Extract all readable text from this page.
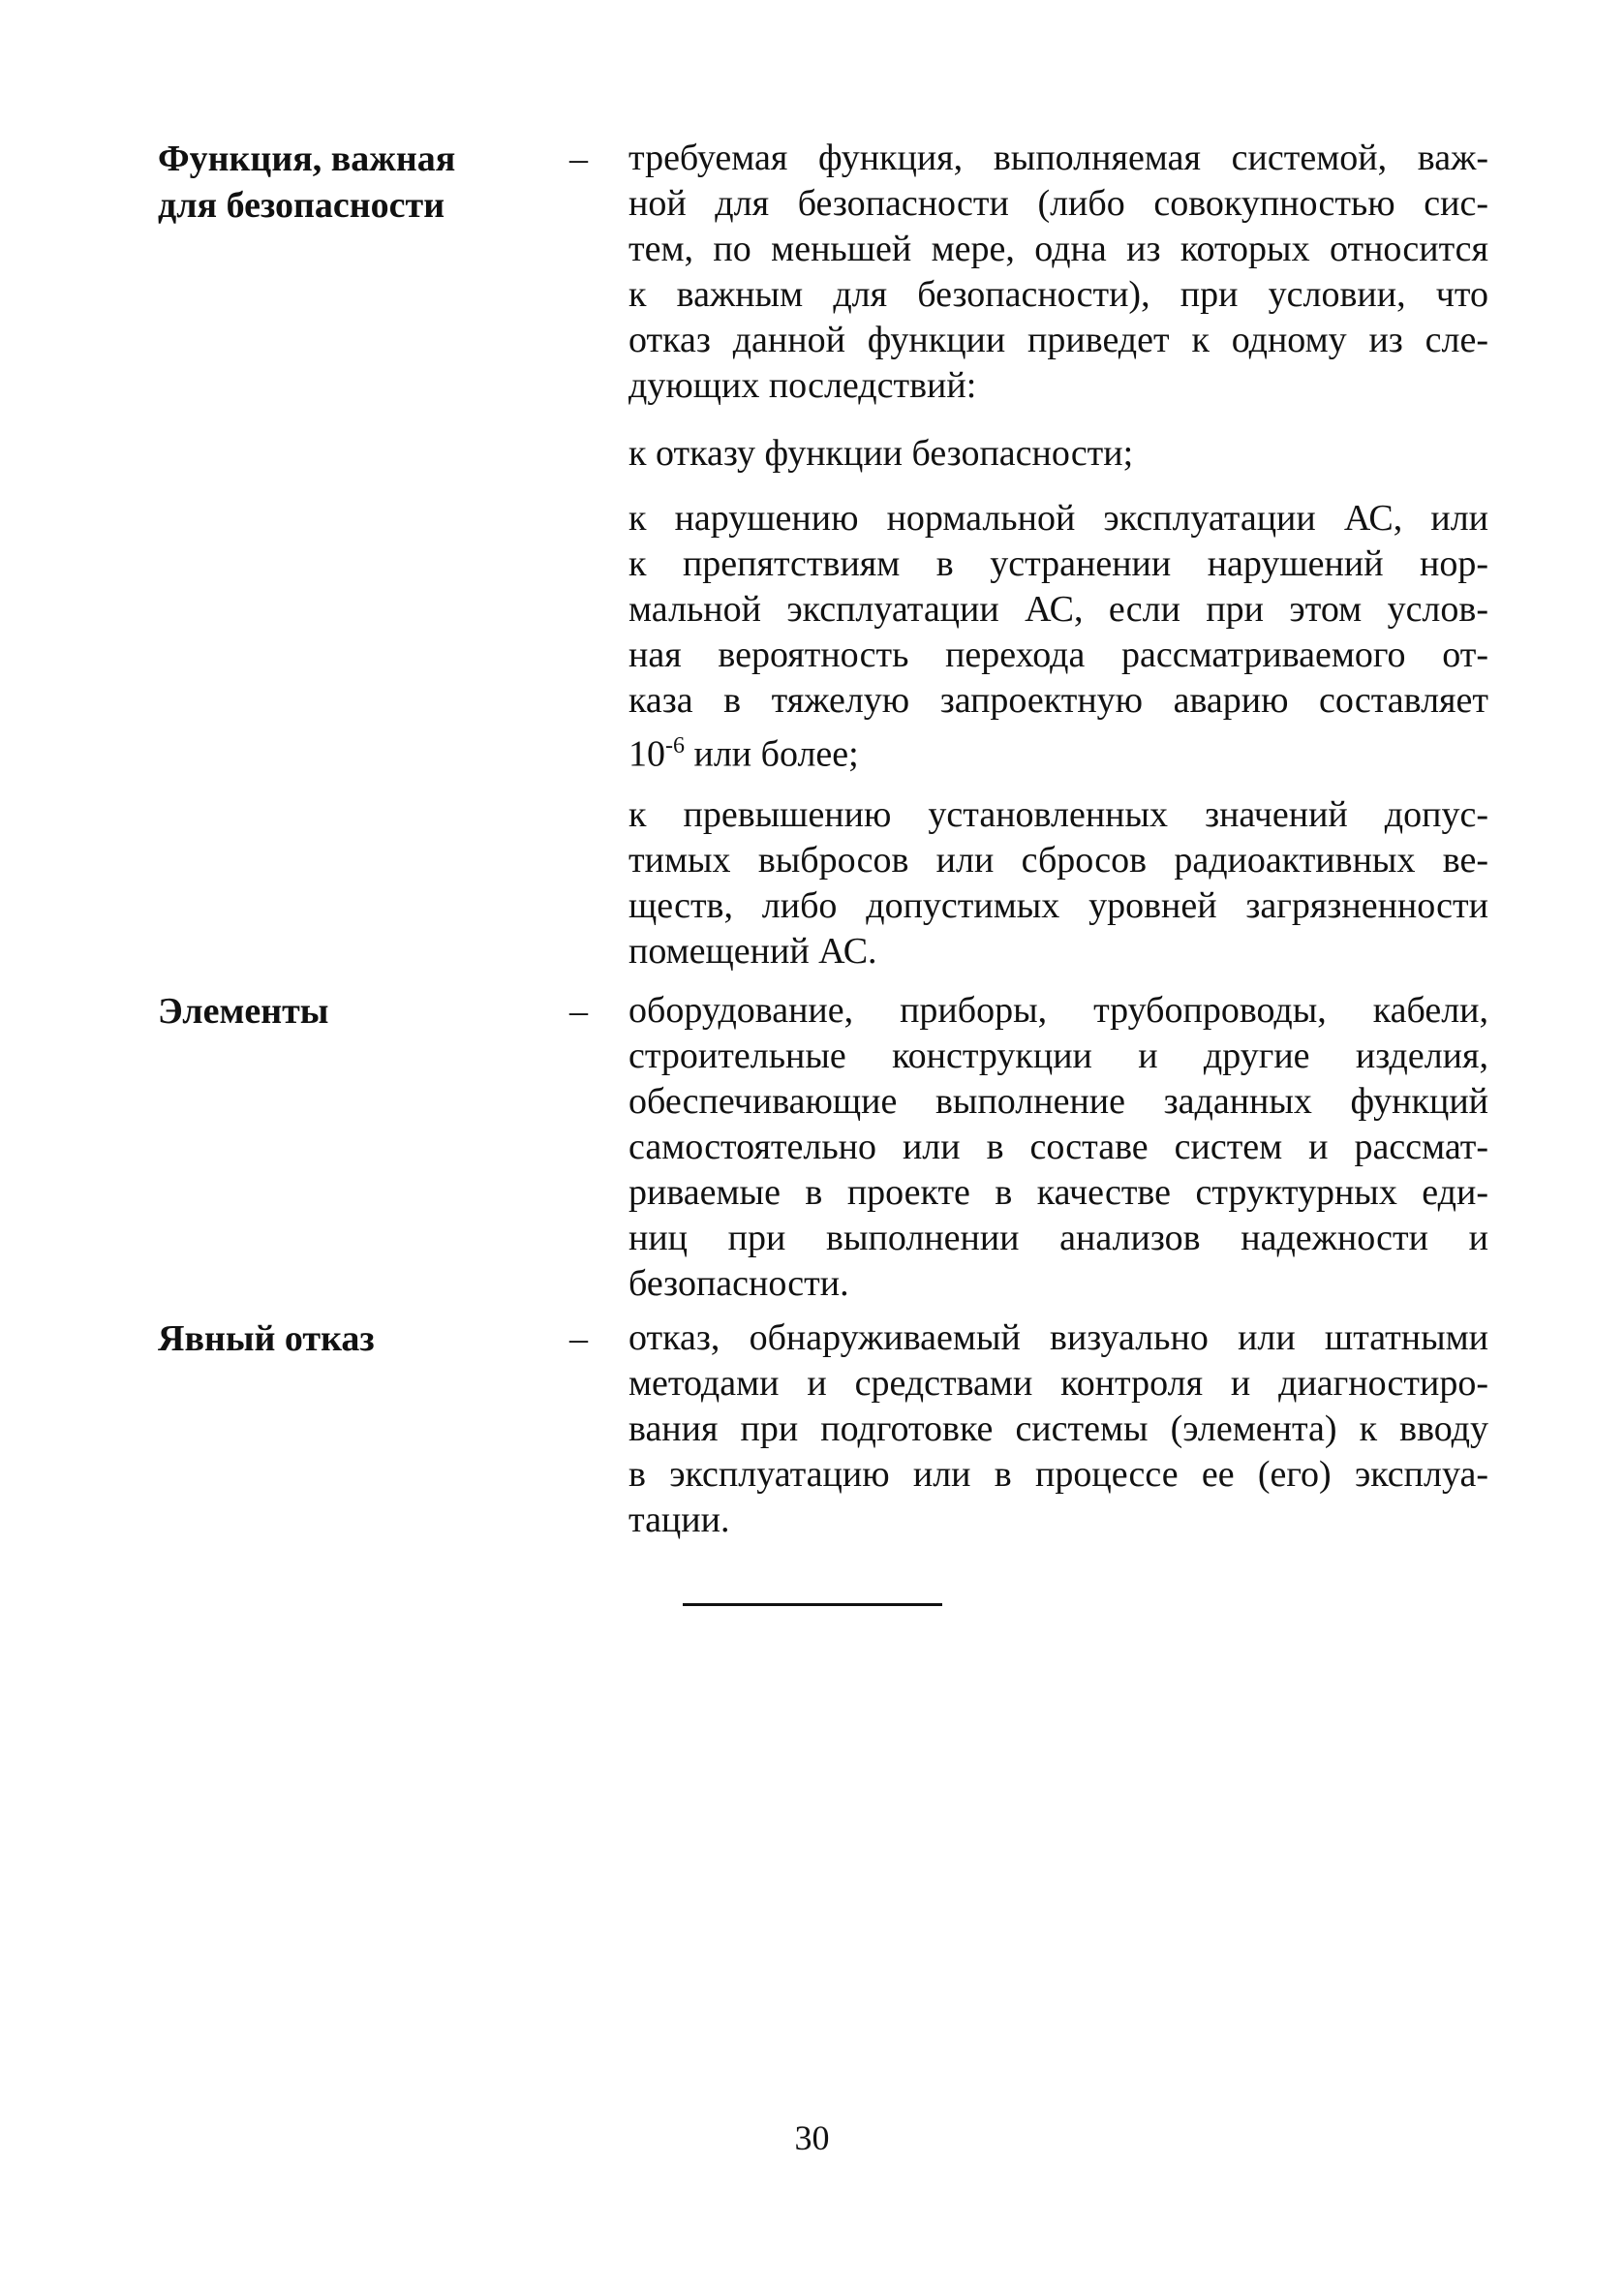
Функция, важная
для безопасности
– требуемая функция, выполняемая системой, важ-
ной для безопасности (либо совокупностью сис-
тем, по меньшей мере, одна из которых относится
к важным для безопасности), при условии, что
отказ данной функции приведет к одному из сле-
дующих последствий:
к отказу функции безопасности;
к нарушению нормальной эксплуатации АС, или
к препятствиям в устранении нарушений нор-
мальной эксплуатации АС, если при этом услов-
ная вероятность перехода рассматриваемого от-
каза в тяжелую запроектную аварию составляет
$10^{-6}$ или более;
к превышению установленных значений допус-
тимых выбросов или сбросов радиоактивных ве-
ществ, либо допустимых уровней загрязненности
помещений АС.
Элементы	– оборудование, приборы, трубопроводы, кабели,
строительные конструкции и другие изделия,
обеспечивающие выполнение заданных функций
самостоятельно или в составе систем и рассмат-
риваемые в проекте в качестве структурных еди-
ниц при выполнении анализов надежности и
безопасности.
Явный отказ	– отказ, обнаруживаемый визуально или штатными
методами и средствами контроля и диагностиро-
вания при подготовке системы (элемента) к вводу
в эксплуатацию или в процессе ее (его) эксплуа-
тации.
30
